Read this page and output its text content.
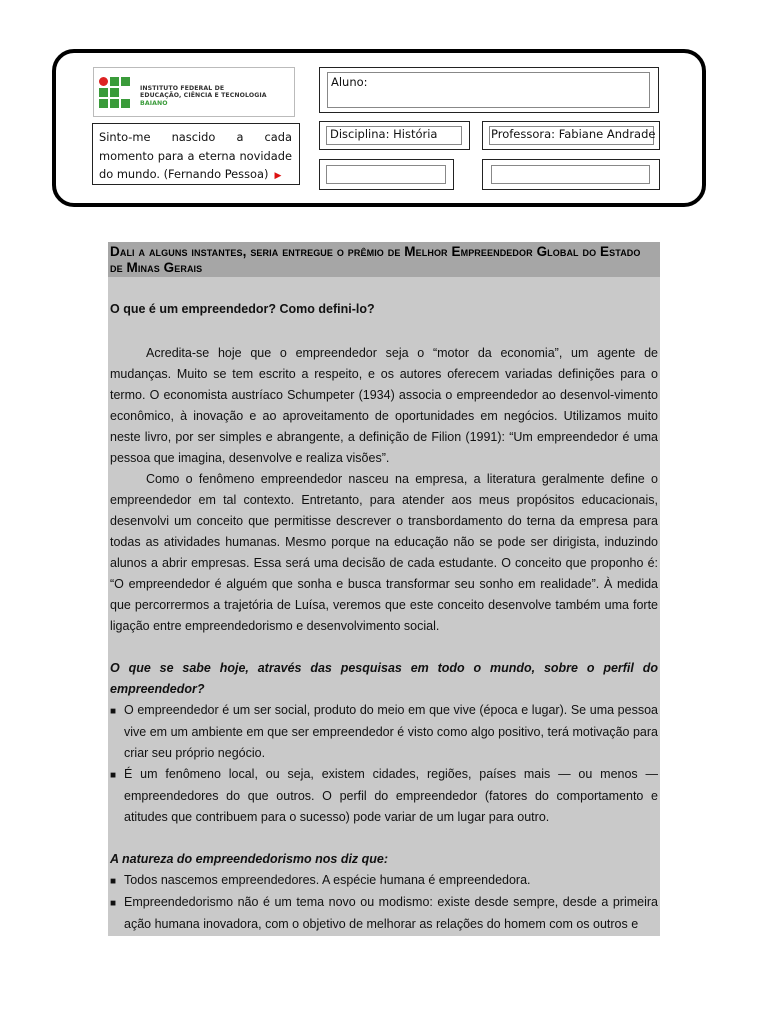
INSTITUTO FEDERAL DE
EDUCAÇÃO, CIÊNCIA E TECNOLOGIA
BAIANO
Aluno:
Sinto-me nascido a cada momento para a eterna novidade do mundo. (Fernando Pessoa) ▶
Disciplina: História	Professora: Fabiane Andrade
Dali a alguns instantes, seria entregue o prêmio de Melhor Empreendedor Global do Estado de Minas Gerais

O que é um empreendedor? Como defini-lo?

Acredita-se hoje que o empreendedor seja o “motor da economia”, um agente de mudanças. Muito se tem escrito a respeito, e os autores oferecem variadas definições para o termo. O economista austríaco Schumpeter (1934) associa o empreendedor ao desenvol-vimento econômico, à inovação e ao aproveitamento de oportunidades em negócios. Utilizamos muito neste livro, por ser simples e abrangente, a definição de Filion (1991): “Um empreendedor é uma pessoa que imagina, desenvolve e realiza visões”.

Como o fenômeno empreendedor nasceu na empresa, a literatura geralmente define o empreendedor em tal contexto. Entretanto, para atender aos meus propósitos educacionais, desenvolvi um conceito que permitisse descrever o transbordamento do terna da empresa para todas as atividades humanas. Mesmo porque na educação não se pode ser dirigista, induzindo alunos a abrir empresas. Essa será uma decisão de cada estudante. O conceito que proponho é: “O empreendedor é alguém que sonha e busca transformar seu sonho em realidade”. À medida que percorrermos a trajetória de Luísa, veremos que este conceito desenvolve também uma forte ligação entre empreendedorismo e desenvolvimento social.

O que se sabe hoje, através das pesquisas em todo o mundo, sobre o perfil do empreendedor?

■ O empreendedor é um ser social, produto do meio em que vive (época e lugar). Se uma pessoa vive em um ambiente em que ser empreendedor é visto como algo positivo, terá motivação para criar seu próprio negócio.

■ É um fenômeno local, ou seja, existem cidades, regiões, países mais — ou menos — empreendedores do que outros. O perfil do empreendedor (fatores do comportamento e atitudes que contribuem para o sucesso) pode variar de um lugar para outro.

A natureza do empreendedorismo nos diz que:

■ Todos nascemos empreendedores. A espécie humana é empreendedora.

■ Empreendedorismo não é um tema novo ou modismo: existe desde sempre, desde a primeira ação humana inovadora, com o objetivo de melhorar as relações do homem com os outros e
